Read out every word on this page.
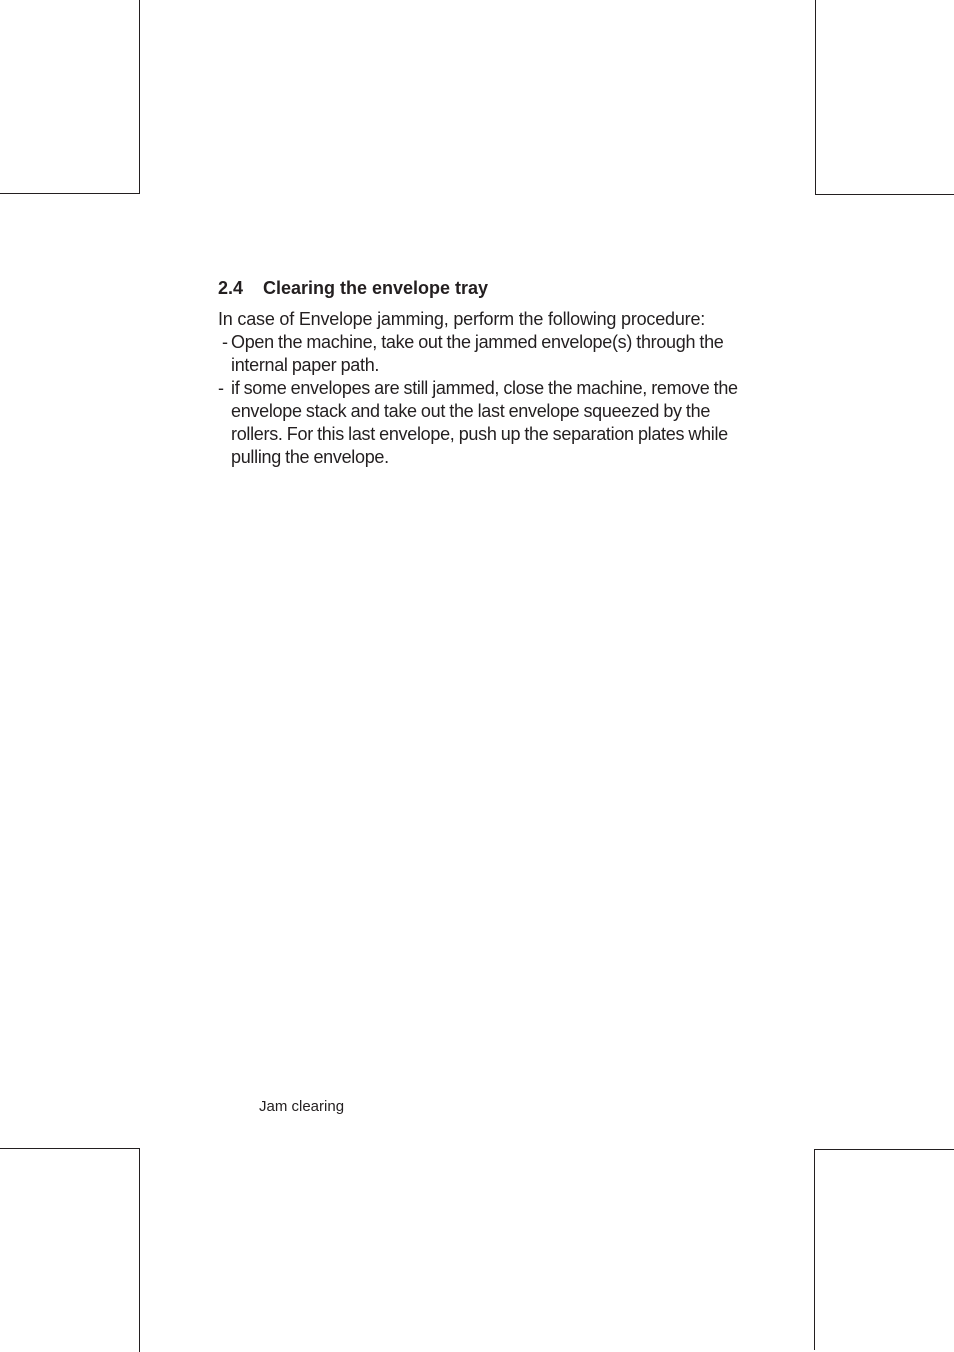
2.4 Clearing the envelope tray

In case of Envelope jamming, perform the following procedure:

- Open the machine, take out the jammed envelope(s) through the internal paper path.
- if some envelopes are still jammed, close the machine, remove the envelope stack and take out the last envelope squeezed by the rollers. For this last envelope, push up the separation plates while pulling the envelope.
Jam clearing
